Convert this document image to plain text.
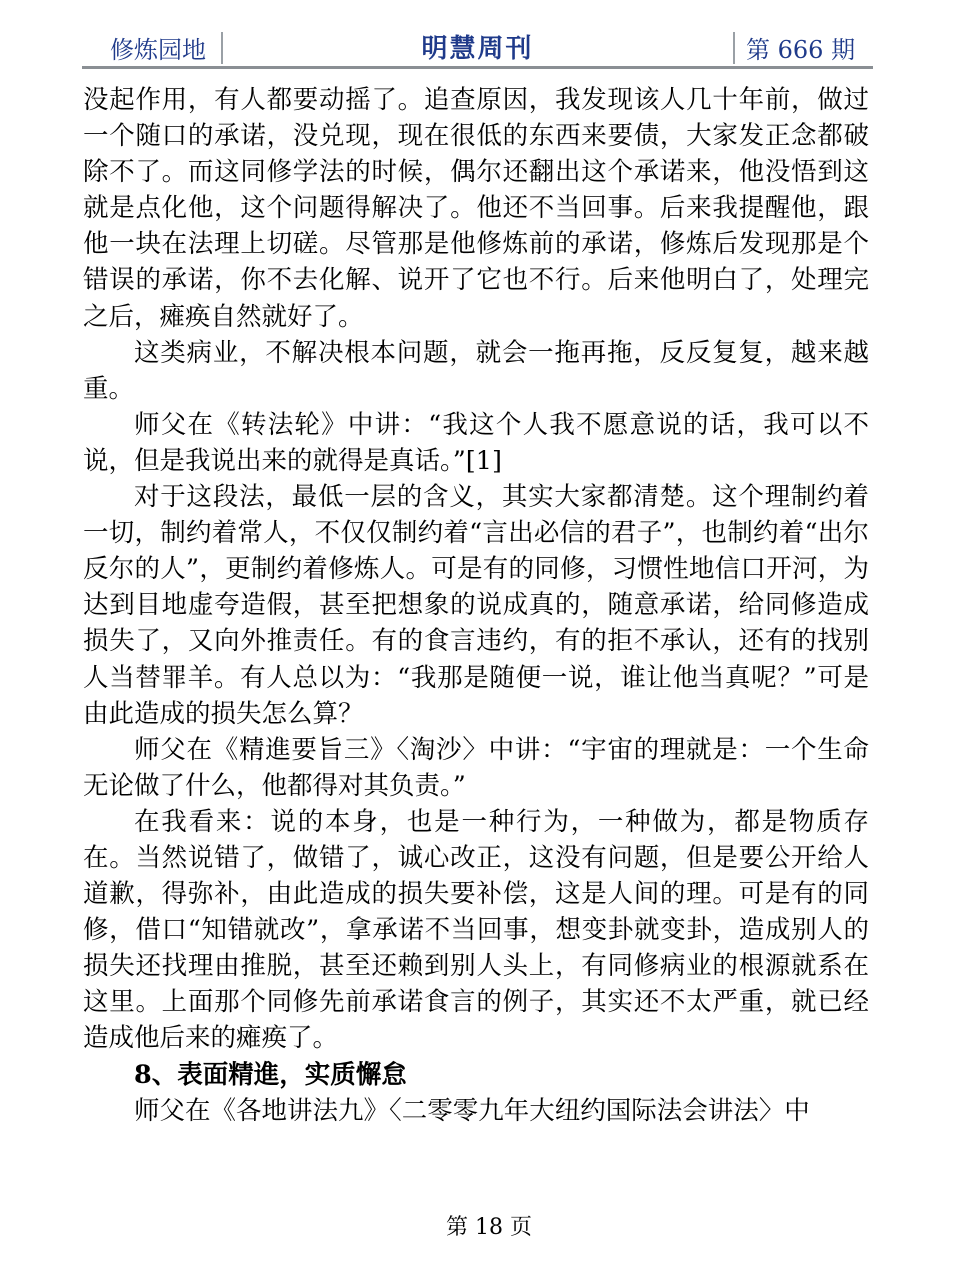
修炼园地	明慧周刊	第 666 期

没起作用，有人都要动摇了。追查原因，我发现该人几十年前，做过一个随口的承诺，没兑现，现在很低的东西来要债，大家发正念都破除不了。而这同修学法的时候，偶尔还翻出这个承诺来，他没悟到这就是点化他，这个问题得解决了。他还不当回事。后来我提醒他，跟他一块在法理上切磋。尽管那是他修炼前的承诺，修炼后发现那是个错误的承诺，你不去化解、说开了它也不行。后来他明白了，处理完之后，瘫痪自然就好了。

这类病业，不解决根本问题，就会一拖再拖，反反复复，越来越重。

师父在《转法轮》中讲：“我这个人我不愿意说的话，我可以不说，但是我说出来的就得是真话。”[1]

对于这段法，最低一层的含义，其实大家都清楚。这个理制约着一切，制约着常人，不仅仅制约着“言出必信的君子”，也制约着“出尔反尔的人”，更制约着修炼人。可是有的同修，习惯性地信口开河，为达到目地虚夸造假，甚至把想象的说成真的，随意承诺，给同修造成损失了，又向外推责任。有的食言违约，有的拒不承认，还有的找别人当替罪羊。有人总以为：“我那是随便一说，谁让他当真呢？”可是由此造成的损失怎么算？

师父在《精進要旨三》〈淘沙〉中讲：“宇宙的理就是：一个生命无论做了什么，他都得对其负责。”

在我看来：说的本身，也是一种行为，一种做为，都是物质存在。当然说错了，做错了，诚心改正，这没有问题，但是要公开给人道歉，得弥补，由此造成的损失要补偿，这是人间的理。可是有的同修，借口“知错就改”，拿承诺不当回事，想变卦就变卦，造成别人的损失还找理由推脱，甚至还赖到别人头上，有同修病业的根源就系在这里。上面那个同修先前承诺食言的例子，其实还不太严重，就已经造成他后来的瘫痪了。

8、表面精進，实质懈怠

师父在《各地讲法九》〈二零零九年大纽约国际法会讲法〉中

第 18 页
